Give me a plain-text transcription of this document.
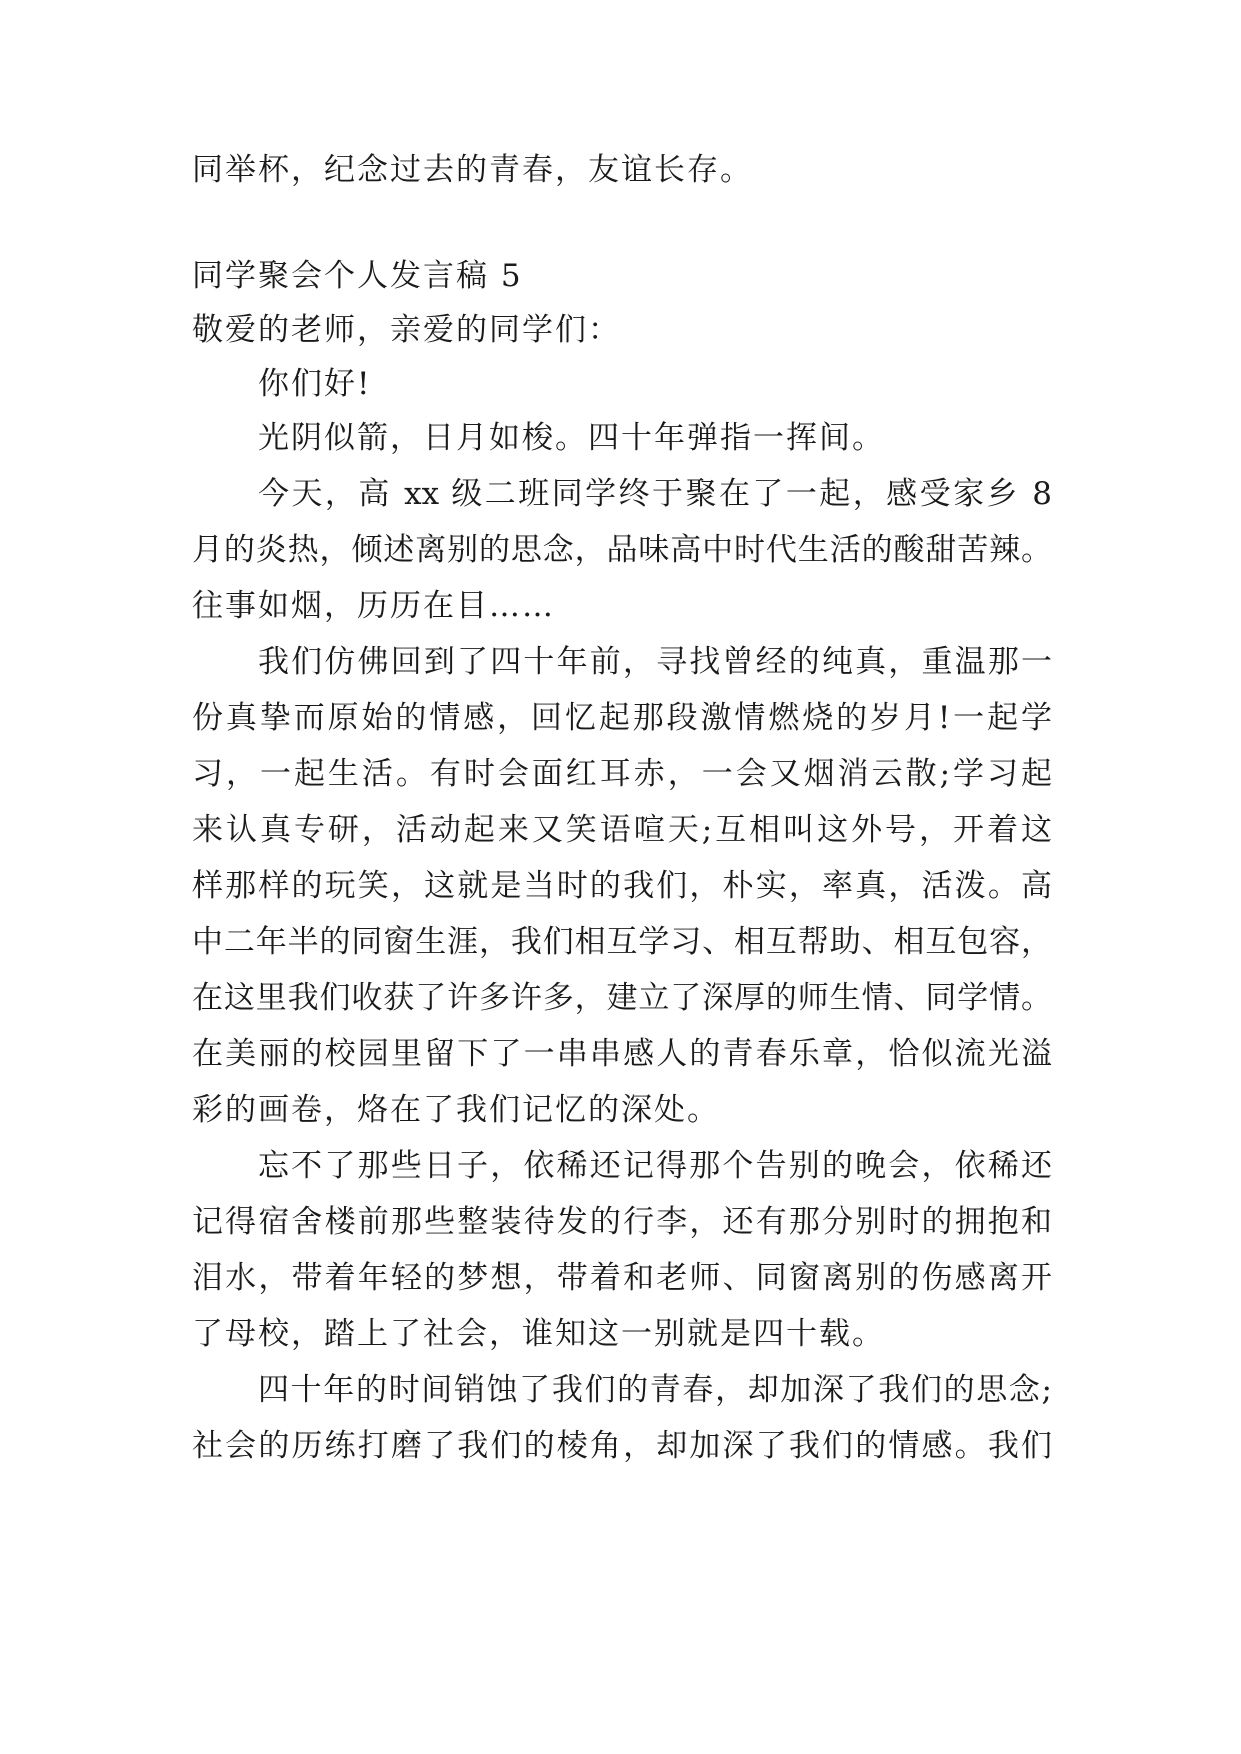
同举杯，纪念过去的青春，友谊长存。
同学聚会个人发言稿 5
敬爱的老师，亲爱的同学们：
你们好!
光阴似箭，日月如梭。四十年弹指一挥间。
今天，高 xx 级二班同学终于聚在了一起，感受家乡 8
月的炎热，倾述离别的思念，品味高中时代生活的酸甜苦辣。
往事如烟，历历在目……
我们仿佛回到了四十年前，寻找曾经的纯真，重温那一
份真挚而原始的情感，回忆起那段激情燃烧的岁月!一起学
习，一起生活。有时会面红耳赤，一会又烟消云散;学习起
来认真专研，活动起来又笑语喧天;互相叫这外号，开着这
样那样的玩笑，这就是当时的我们，朴实，率真，活泼。高
中二年半的同窗生涯，我们相互学习、相互帮助、相互包容，
在这里我们收获了许多许多，建立了深厚的师生情、同学情。
在美丽的校园里留下了一串串感人的青春乐章，恰似流光溢
彩的画卷，烙在了我们记忆的深处。
忘不了那些日子，依稀还记得那个告别的晚会，依稀还
记得宿舍楼前那些整装待发的行李，还有那分别时的拥抱和
泪水，带着年轻的梦想，带着和老师、同窗离别的伤感离开
了母校，踏上了社会，谁知这一别就是四十载。
四十年的时间销蚀了我们的青春，却加深了我们的思念;
社会的历练打磨了我们的棱角，却加深了我们的情感。我们
